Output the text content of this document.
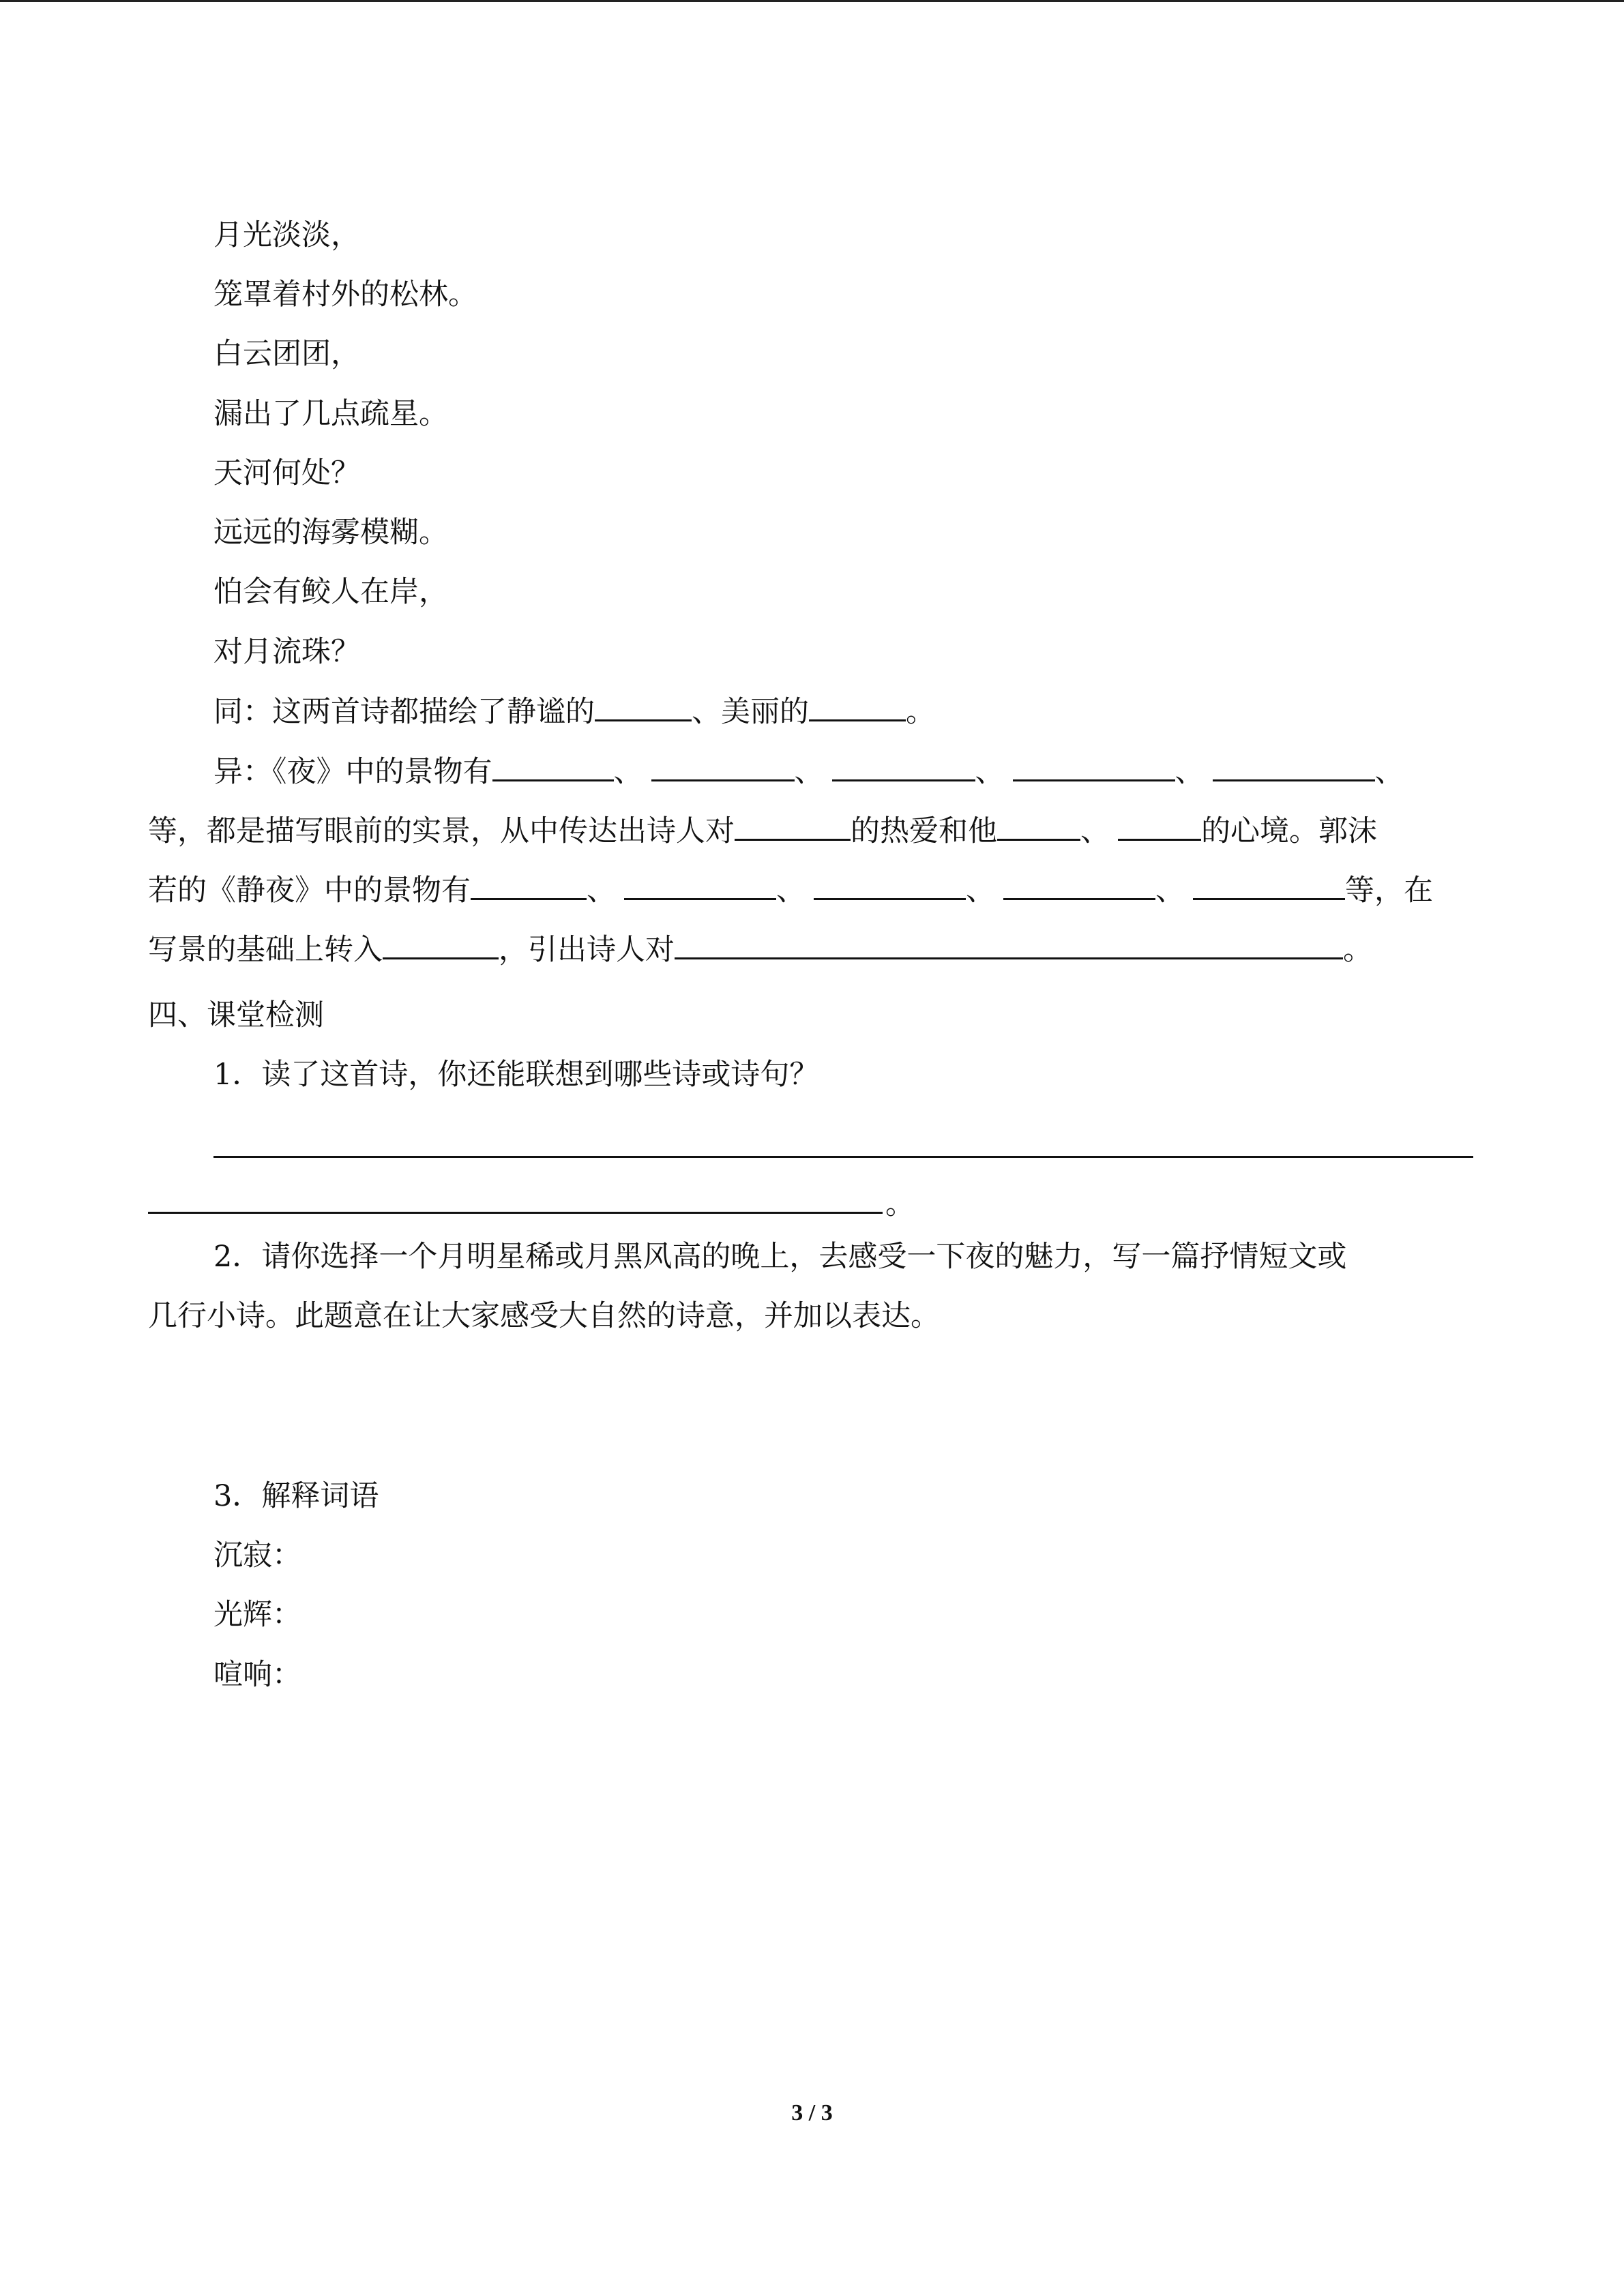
月光淡淡，
笼罩着村外的松林。
白云团团，
漏出了几点疏星。
天河何处？
远远的海雾模糊。
怕会有鲛人在岸，
对月流珠？
同：这两首诗都描绘了静谧的	、美丽的	。
异：《夜》中的景物有	、	、	、	、	、
等，都是描写眼前的实景，从中传达出诗人对	的热爱和他	、	的心境。郭沫
若的《静夜》中的景物有	、	、	、	、	等，在
写景的基础上转入	，引出诗人对	。
四、课堂检测
1．读了这首诗，你还能联想到哪些诗或诗句？
。
2．请你选择一个月明星稀或月黑风高的晚上，去感受一下夜的魅力，写一篇抒情短文或
几行小诗。此题意在让大家感受大自然的诗意，并加以表达。
3．解释词语
沉寂：
光辉：
喧响：
3 / 3
